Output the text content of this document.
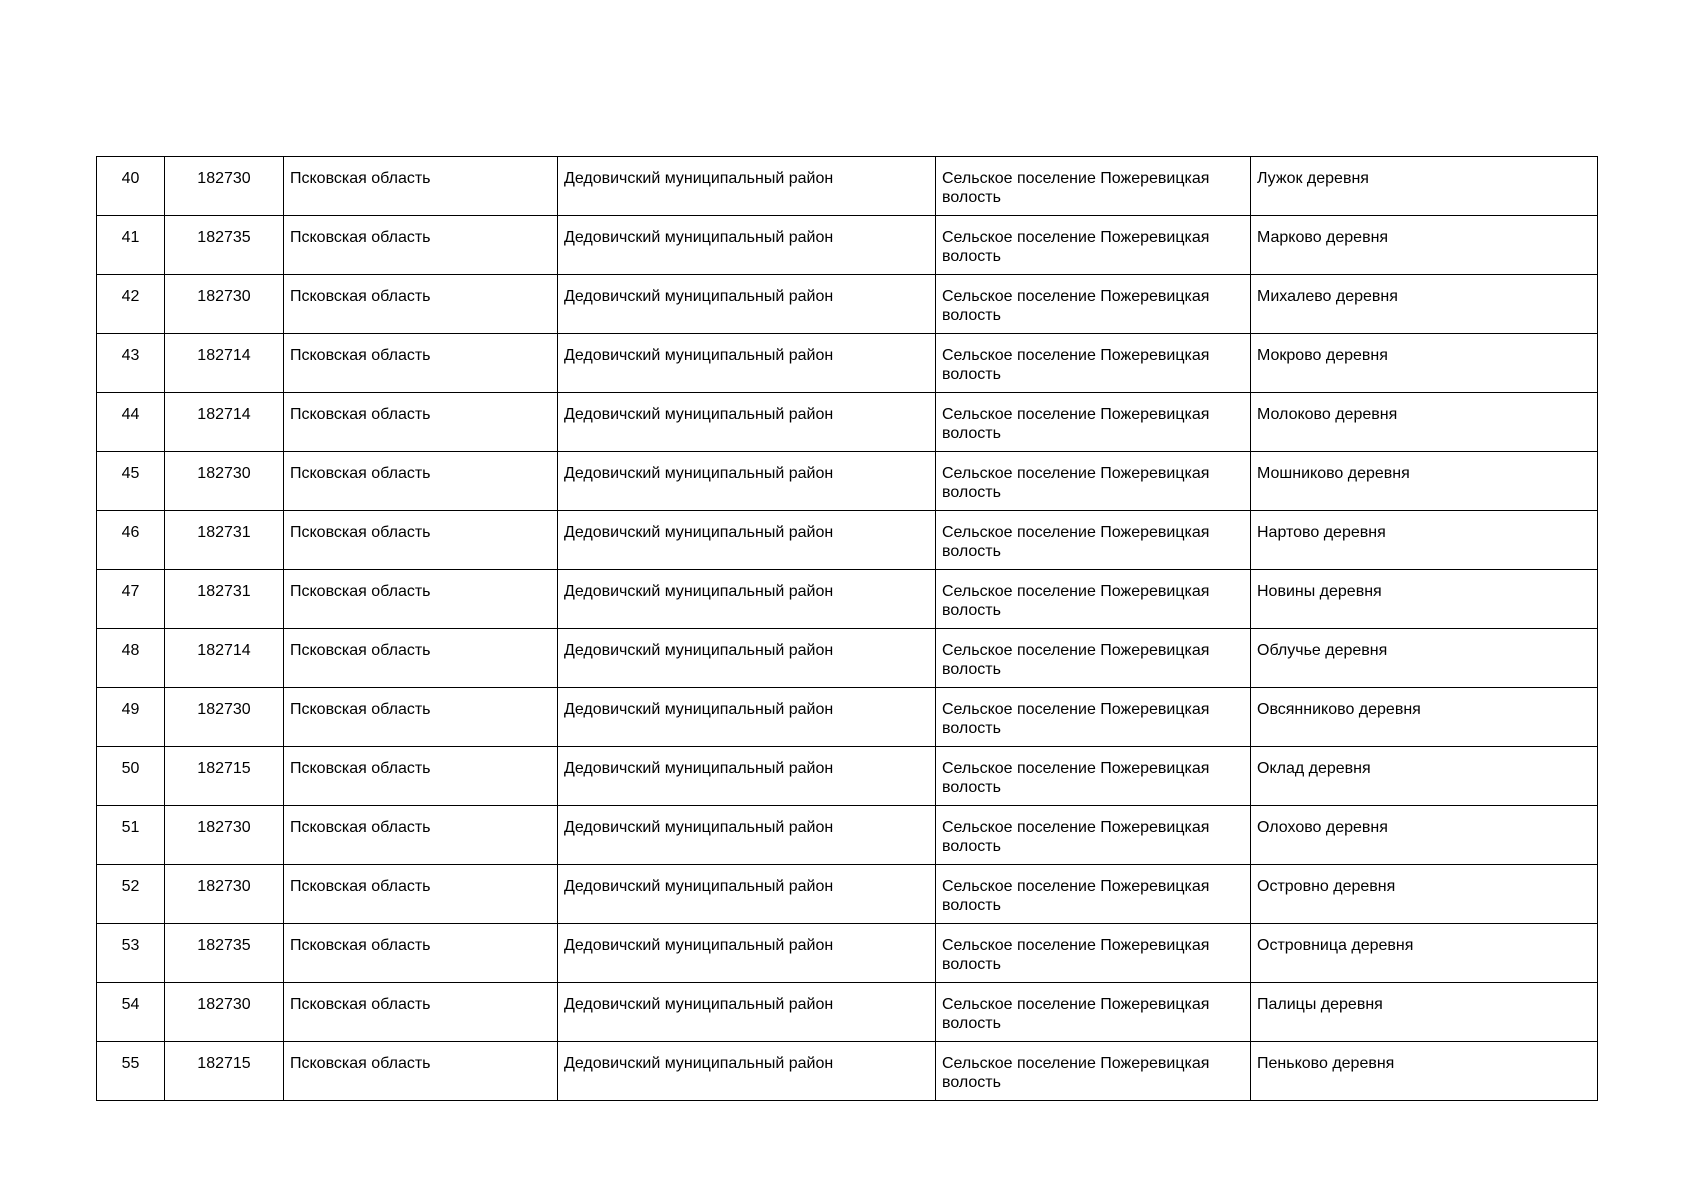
40	182730	Псковская область	Дедовичский муниципальный район	Сельское поселение Пожеревицкая волость	Лужок деревня
41	182735	Псковская область	Дедовичский муниципальный район	Сельское поселение Пожеревицкая волость	Марково деревня
42	182730	Псковская область	Дедовичский муниципальный район	Сельское поселение Пожеревицкая волость	Михалево деревня
43	182714	Псковская область	Дедовичский муниципальный район	Сельское поселение Пожеревицкая волость	Мокрово деревня
44	182714	Псковская область	Дедовичский муниципальный район	Сельское поселение Пожеревицкая волость	Молоково деревня
45	182730	Псковская область	Дедовичский муниципальный район	Сельское поселение Пожеревицкая волость	Мошниково деревня
46	182731	Псковская область	Дедовичский муниципальный район	Сельское поселение Пожеревицкая волость	Нартово деревня
47	182731	Псковская область	Дедовичский муниципальный район	Сельское поселение Пожеревицкая волость	Новины деревня
48	182714	Псковская область	Дедовичский муниципальный район	Сельское поселение Пожеревицкая волость	Облучье деревня
49	182730	Псковская область	Дедовичский муниципальный район	Сельское поселение Пожеревицкая волость	Овсянниково деревня
50	182715	Псковская область	Дедовичский муниципальный район	Сельское поселение Пожеревицкая волость	Оклад деревня
51	182730	Псковская область	Дедовичский муниципальный район	Сельское поселение Пожеревицкая волость	Олохово деревня
52	182730	Псковская область	Дедовичский муниципальный район	Сельское поселение Пожеревицкая волость	Островно деревня
53	182735	Псковская область	Дедовичский муниципальный район	Сельское поселение Пожеревицкая волость	Островница деревня
54	182730	Псковская область	Дедовичский муниципальный район	Сельское поселение Пожеревицкая волость	Палицы деревня
55	182715	Псковская область	Дедовичский муниципальный район	Сельское поселение Пожеревицкая волость	Пеньково деревня
